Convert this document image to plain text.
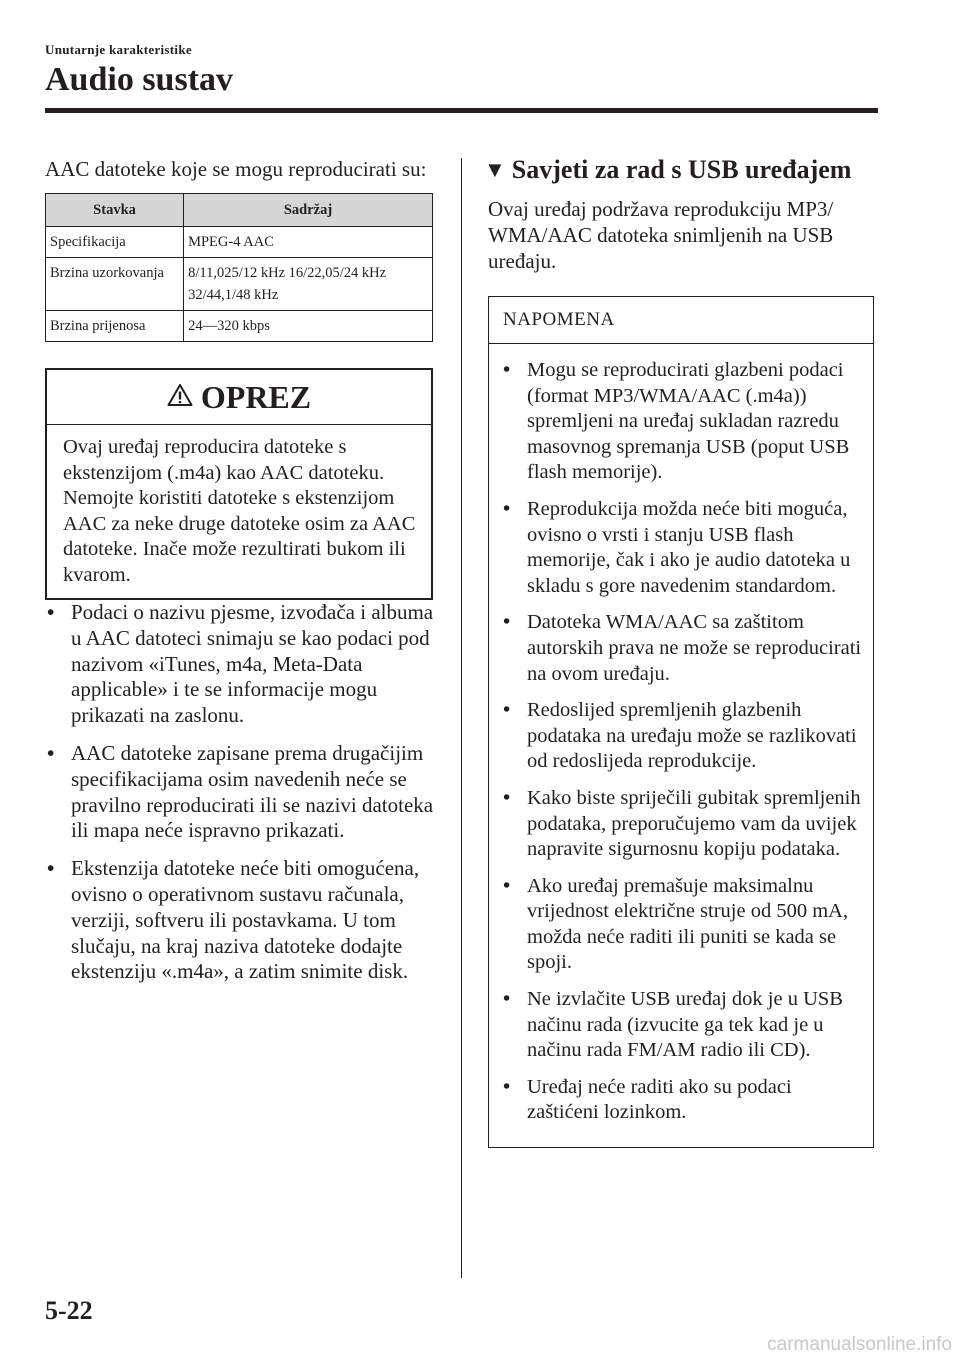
Unutarnje karakteristike
Audio sustav

AAC datoteke koje se mogu reproducirati su:

Stavka	Sadržaj
Specifikacija	MPEG-4 AAC
Brzina uzorkovanja	8/11,025/12 kHz 16/22,05/24 kHz 32/44,1/48 kHz
Brzina prijenosa	24―320 kbps
OPREZ
Ovaj uređaj reproducira datoteke s ekstenzijom (.m4a) kao AAC datoteku. Nemojte koristiti datoteke s ekstenzijom AAC za neke druge datoteke osim za AAC datoteke. Inače može rezultirati bukom ili kvarom.
• Podaci o nazivu pjesme, izvođača i albuma u AAC datoteci snimaju se kao podaci pod nazivom «iTunes, m4a, Meta-Data applicable» i te se informacije mogu prikazati na zaslonu.
• AAC datoteke zapisane prema drugačijim specifikacijama osim navedenih neće se pravilno reproducirati ili se nazivi datoteka ili mapa neće ispravno prikazati.
• Ekstenzija datoteke neće biti omogućena, ovisno o operativnom sustavu računala, verziji, softveru ili postavkama. U tom slučaju, na kraj naziva datoteke dodajte ekstenziju «.m4a», a zatim snimite disk.
▼ Savjeti za rad s USB uređajem

Ovaj uređaj podržava reprodukciju MP3/ WMA/AAC datoteka snimljenih na USB uređaju.

NAPOMENA
• Mogu se reproducirati glazbeni podaci (format MP3/WMA/AAC (.m4a)) spremljeni na uređaj sukladan razredu masovnog spremanja USB (poput USB flash memorije).
• Reprodukcija možda neće biti moguća, ovisno o vrsti i stanju USB flash memorije, čak i ako je audio datoteka u skladu s gore navedenim standardom.
• Datoteka WMA/AAC sa zaštitom autorskih prava ne može se reproducirati na ovom uređaju.
• Redoslijed spremljenih glazbenih podataka na uređaju može se razlikovati od redoslijeda reprodukcije.
• Kako biste spriječili gubitak spremljenih podataka, preporučujemo vam da uvijek napravite sigurnosnu kopiju podataka.
• Ako uređaj premašuje maksimalnu vrijednost električne struje od 500 mA, možda neće raditi ili puniti se kada se spoji.
• Ne izvlačite USB uređaj dok je u USB načinu rada (izvucite ga tek kad je u načinu rada FM/AM radio ili CD).
• Uređaj neće raditi ako su podaci zaštićeni lozinkom.
5-22
carmanualsonline.info
